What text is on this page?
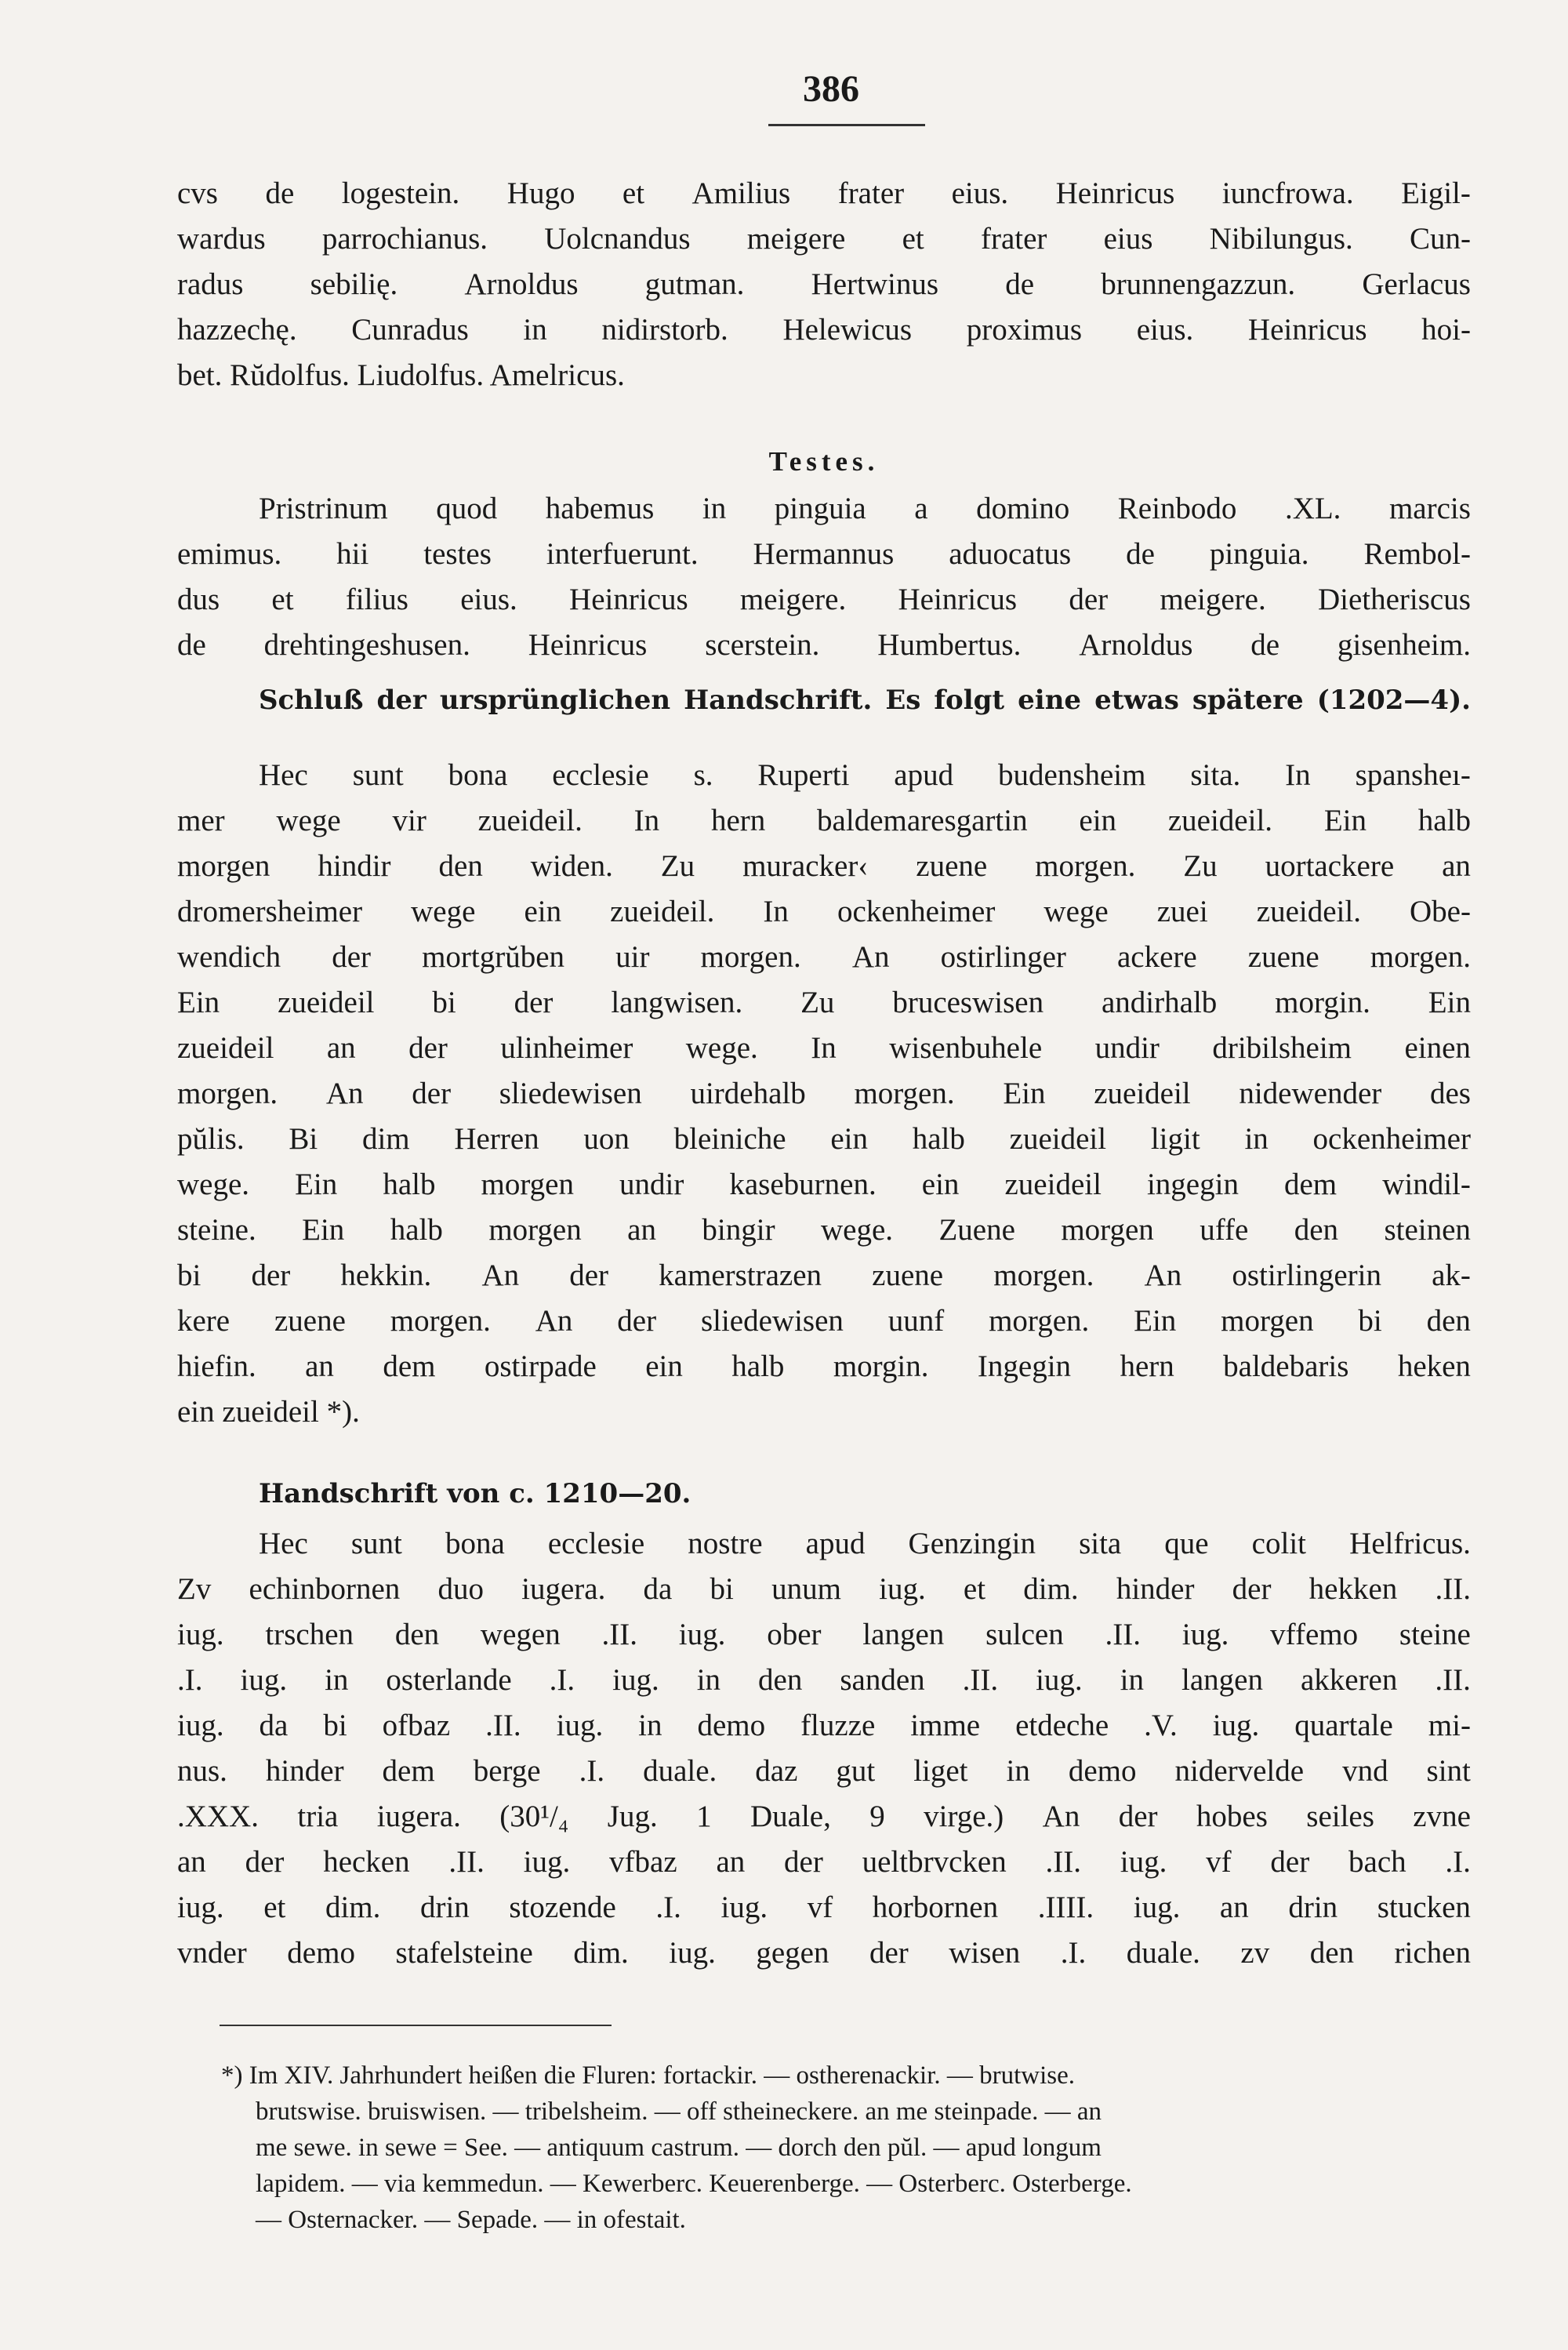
386
cvs de logestein. Hugo et Amilius frater eius. Heinricus iuncfrowa. Eigil-
wardus parrochianus. Uolcnandus meigere et frater eius Nibilungus. Cun-
radus sebilię. Arnoldus gutman. Hertwinus de brunnengazzun. Gerlacus
hazzechę. Cunradus in nidirstorb. Helewicus proximus eius. Heinricus hoi-
bet. Rŭdolfus. Liudolfus. Amelricus.
Testes.
Pristrinum quod habemus in pinguia a domino Reinbodo .XL. marcis
emimus. hii testes interfuerunt. Hermannus aduocatus de pinguia. Rembol-
dus et filius eius. Heinricus meigere. Heinricus der meigere. Dietheriscus
de drehtingeshusen. Heinricus scerstein. Humbertus. Arnoldus de gisenheim.
Schluß der ursprünglichen Handschrift. Es folgt eine etwas spätere (1202—4).
Hec sunt bona ecclesie s. Ruperti apud budensheim sita. In spansheı-
mer wege vir zueideil. In hern baldemaresgartin ein zueideil. Ein halb
morgen hindir den widen. Zu muracker‹ zuene morgen. Zu uortackere an
dromersheimer wege ein zueideil. In ockenheimer wege zuei zueideil. Obe-
wendich der mortgrŭben uir morgen. An ostirlinger ackere zuene morgen.
Ein zueideil bi der langwisen. Zu bruceswisen andirhalb morgin. Ein
zueideil an der ulinheimer wege. In wisenbuhele undir dribilsheim einen
morgen. An der sliedewisen uirdehalb morgen. Ein zueideil nidewender des
pŭlis. Bi dim Herren uon bleiniche ein halb zueideil ligit in ockenheimer
wege. Ein halb morgen undir kaseburnen. ein zueideil ingegin dem windil-
steine. Ein halb morgen an bingir wege. Zuene morgen uffe den steinen
bi der hekkin. An der kamerstrazen zuene morgen. An ostirlingerin ak-
kere zuene morgen. An der sliedewisen uunf morgen. Ein morgen bi den
hiefin. an dem ostirpade ein halb morgin. Ingegin hern baldebaris heken
ein zueideil *).
Handschrift von c. 1210—20.
Hec sunt bona ecclesie nostre apud Genzingin sita que colit Helfricus.
Zv echinbornen duo iugera. da bi unum iug. et dim. hinder der hekken .II.
iug. trschen den wegen .II. iug. ober langen sulcen .II. iug. vffemo steine
.I. iug. in osterlande .I. iug. in den sanden .II. iug. in langen akkeren .II.
iug. da bi ofbaz .II. iug. in demo fluzze imme etdeche .V. iug. quartale mi-
nus. hinder dem berge .I. duale. daz gut liget in demo nidervelde vnd sint
.XXX. tria iugera. (30¹/₄ Jug. 1 Duale, 9 virge.) An der hobes seiles zvne
an der hecken .II. iug. vfbaz an der ueltbrvcken .II. iug. vf der bach .I.
iug. et dim. drin stozende .I. iug. vf horbornen .IIII. iug. an drin stucken
vnder demo stafelsteine dim. iug. gegen der wisen .I. duale. zv den richen
*) Im XIV. Jahrhundert heißen die Fluren: fortackir. — ostherenackir. — brutwise.
brutswise. bruiswisen. — tribelsheim. — off stheineckere. an me steinpade. — an
me sewe. in sewe = See. — antiquum castrum. — dorch den pŭl. — apud longum
lapidem. — via kemmedun. — Kewerberc. Keuerenberge. — Osterberc. Osterberge.
— Osternacker. — Sepade. — in ofestait.
